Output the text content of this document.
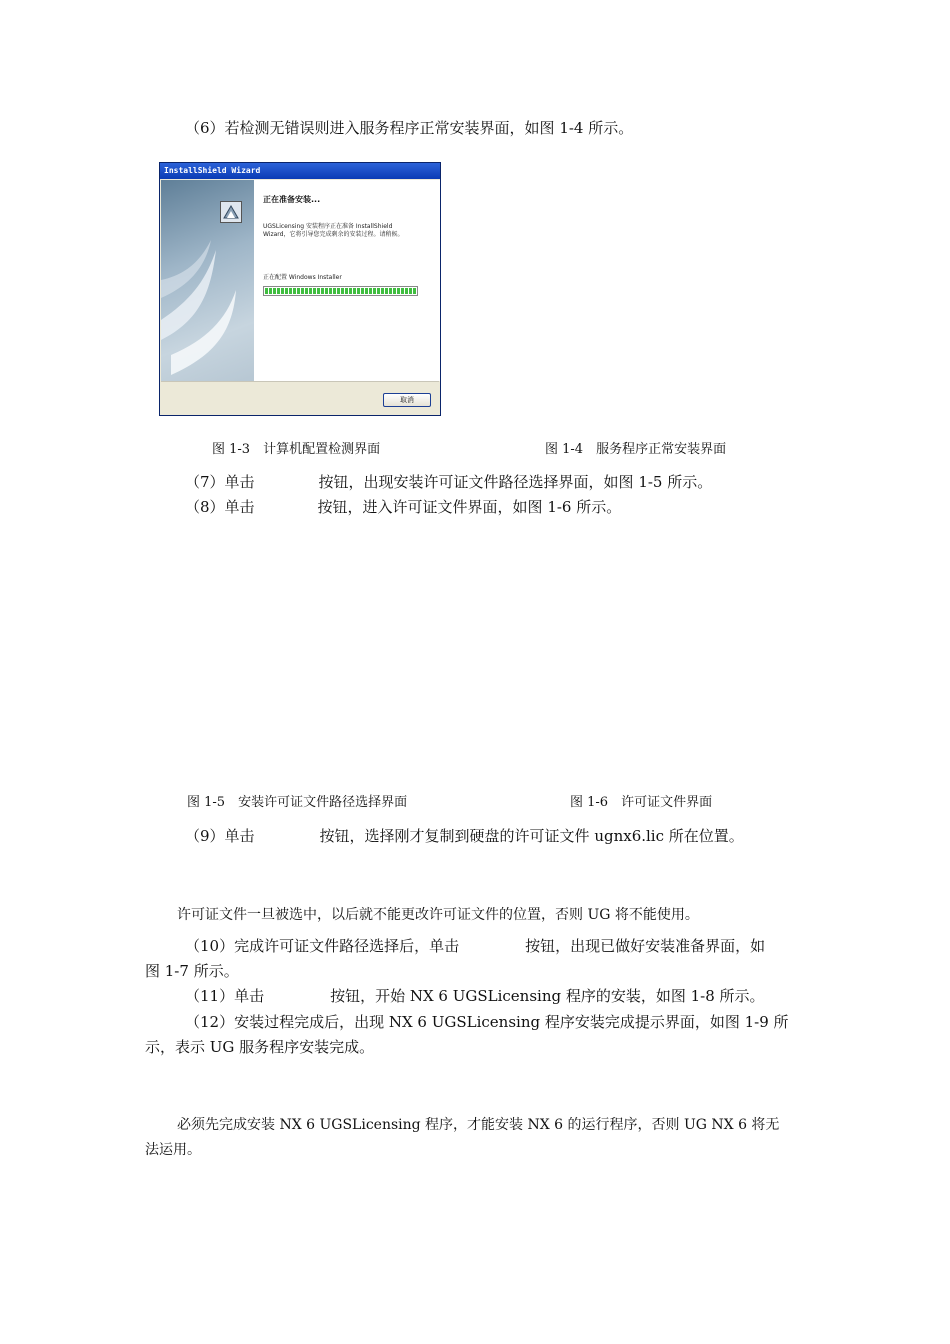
（6）若检测无错误则进入服务程序正常安装界面，如图 1-4 所示。
InstallShield Wizard
正在准备安装...
UGSLicensing 安装程序正在准备 InstallShield Wizard，它将引导您完成剩余的安装过程。请稍候。
正在配置 Windows Installer
取消
图 1-3　计算机配置检测界面	图 1-4　服务程序正常安装界面
（7）单击	按钮，出现安装许可证文件路径选择界面，如图 1-5 所示。
（8）单击	按钮，进入许可证文件界面，如图 1-6 所示。
图 1-5　安装许可证文件路径选择界面	图 1-6　许可证文件界面
（9）单击	按钮，选择刚才复制到硬盘的许可证文件 ugnx6.lic 所在位置。
许可证文件一旦被选中，以后就不能更改许可证文件的位置，否则 UG 将不能使用。
（10）完成许可证文件路径选择后，单击	按钮，出现已做好安装准备界面，如
图 1-7 所示。
（11）单击	按钮，开始 NX 6 UGSLicensing 程序的安装，如图 1-8 所示。
（12）安装过程完成后，出现 NX 6 UGSLicensing 程序安装完成提示界面，如图 1-9 所
示，表示 UG 服务程序安装完成。
必须先完成安装 NX 6 UGSLicensing 程序，才能安装 NX 6 的运行程序，否则 UG NX 6 将无
法运用。
